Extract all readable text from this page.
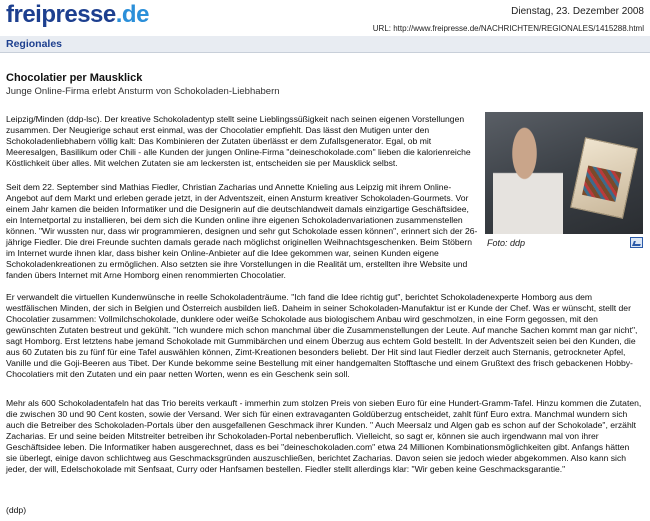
freipresse.de	Dienstag, 23. Dezember 2008
URL: http://www.freipresse.de/NACHRICHTEN/REGIONALES/1415288.html
Regionales
Chocolatier per Mausklick
Junge Online-Firma erlebt Ansturm von Schokoladen-Liebhabern
Foto: ddp
Leipzig/Minden (ddp-lsc). Der kreative Schokoladentyp stellt seine Lieblingssüßigkeit nach seinen eigenen Vorstellungen zusammen. Der Neugierige schaut erst einmal, was der Chocolatier empfiehlt. Das lässt den Mutigen unter den Schokoladenliebhabern völlig kalt: Das Kombinieren der Zutaten überlässt er dem Zufallsgenerator. Egal, ob mit Meeresalgen, Basilikum oder Chili - alle Kunden der jungen Online-Firma "deineschokolade.com" lieben die kalorienreiche Köstlichkeit über alles. Mit welchen Zutaten sie am leckersten ist, entscheiden sie per Mausklick selbst.
Seit dem 22. September sind Mathias Fiedler, Christian Zacharias und Annette Knieling aus Leipzig mit ihrem Online-Angebot auf dem Markt und erleben gerade jetzt, in der Adventszeit, einen Ansturm kreativer Schokoladen-Gourmets. Vor einem Jahr kamen die beiden Informatiker und die Designerin auf die deutschlandweit damals einzigartige Geschäftsidee, ein Internetportal zu installieren, bei dem sich die Kunden online ihre eigenen Schokoladenvariationen zusammenstellen können. "Wir wussten nur, dass wir programmieren, designen und sehr gut Schokolade essen können", erinnert sich der 26-jährige Fiedler. Die drei Freunde suchten damals gerade nach möglichst originellen Weihnachtsgeschenken. Beim Stöbern im Internet wurde ihnen klar, dass bisher kein Online-Anbieter auf die Idee gekommen war, seinen Kunden eigene Schokoladenkreationen zu ermöglichen. Also setzten sie ihre Vorstellungen in die Realität um, erstellten ihre Website und fanden übers Internet mit Arne Homborg einen renommierten Chocolatier.
Er verwandelt die virtuellen Kundenwünsche in reelle Schokoladenträume. "Ich fand die Idee richtig gut", berichtet Schokoladenexperte Homborg aus dem westfälischen Minden, der sich in Belgien und Österreich ausbilden ließ. Daheim in seiner Schokoladen-Manufaktur ist er Kunde der Chef. Was er wünscht, stellt der Chocolatier zusammen: Vollmilchschokolade, dunklere oder weiße Schokolade aus biologischem Anbau wird geschmolzen, in eine Form gegossen, mit den gewünschten Zutaten bestreut und gekühlt. "Ich wundere mich schon manchmal über die Zusammenstellungen der Leute. Auf manche Sachen kommt man gar nicht", sagt Homborg. Erst letztens habe jemand Schokolade mit Gummibärchen und einem Überzug aus echtem Gold bestellt. In der Adventszeit seien bei den Kunden, die aus 60 Zutaten bis zu fünf für eine Tafel auswählen können, Zimt-Kreationen besonders beliebt. Der Hit sind laut Fiedler derzeit auch Sternanis, getrockneter Apfel, Vanille und die Goji-Beeren aus Tibet. Der Kunde bekomme seine Bestellung mit einer handgemalten Stofftasche und einem Grußtext des frisch gebackenen Hobby-Chocolatiers mit den Zutaten und ein paar netten Worten, wenn es ein Geschenk sein soll.
Mehr als 600 Schokoladentafeln hat das Trio bereits verkauft - immerhin zum stolzen Preis von sieben Euro für eine Hundert-Gramm-Tafel. Hinzu kommen die Zutaten, die zwischen 30 und 90 Cent kosten, sowie der Versand. Wer sich für einen extravaganten Goldüberzug entscheidet, zahlt fünf Euro extra. Manchmal wundern sich auch die Betreiber des Schokoladen-Portals über den ausgefallenen Geschmack ihrer Kunden. " Auch Meersalz und Algen gab es schon auf der Schokolade", erzählt Zacharias. Er und seine beiden Mitstreiter betreiben ihr Schokoladen-Portal nebenberuflich. Vielleicht, so sagt er, können sie auch irgendwann mal von ihrer Geschäftsidee leben. Die Informatiker haben ausgerechnet, dass es bei "deineschokoladen.com" etwa 24 Millionen Kombinationsmöglichkeiten gibt. Anfangs hätten sie überlegt, einige davon schlichtweg aus Geschmacksgründen auszuschließen, berichtet Zacharias. Davon seien sie jedoch wieder abgekommen. Also kann sich jeder, der will, Edelschokolade mit Senfsaat, Curry oder Hanfsamen bestellen. Fiedler stellt allerdings klar: "Wir geben keine Geschmacksgarantie."
(ddp)
